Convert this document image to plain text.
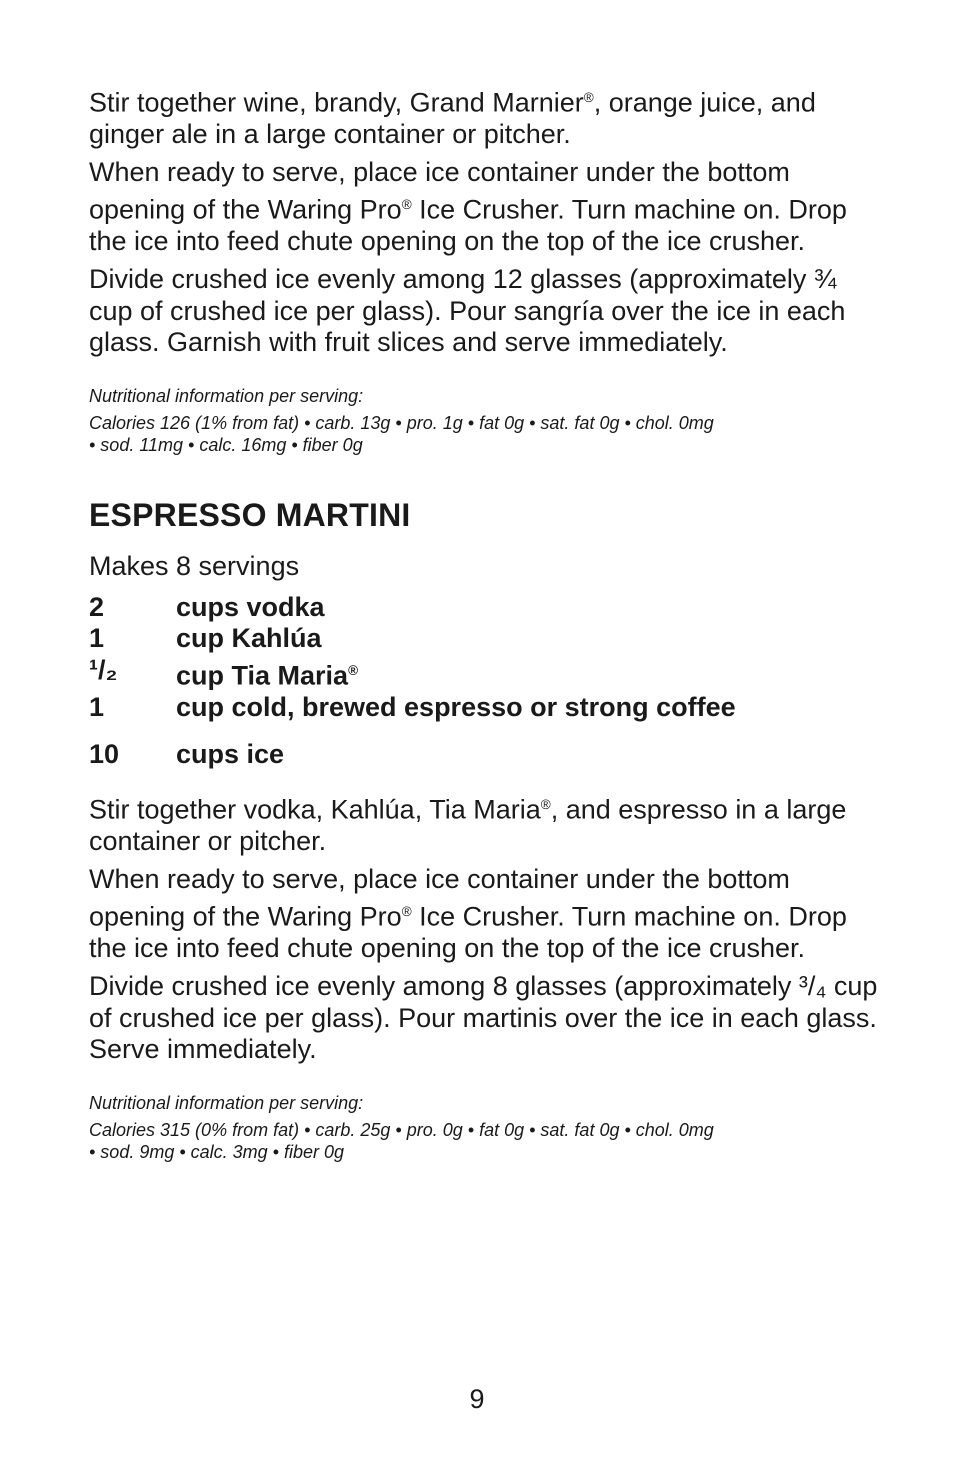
Stir together wine, brandy, Grand Marnier®, orange juice, and ginger ale in a large container or pitcher.

When ready to serve, place ice container under the bottom opening of the Waring Pro® Ice Crusher. Turn machine on. Drop the ice into feed chute opening on the top of the ice crusher.

Divide crushed ice evenly among 12 glasses (approximately ¾ cup of crushed ice per glass). Pour sangría over the ice in each glass. Garnish with fruit slices and serve immediately.

Nutritional information per serving:

Calories 126 (1% from fat) • carb. 13g • pro. 1g • fat 0g • sat. fat 0g • chol. 0mg

• sod. 11mg • calc. 16mg • fiber 0g

ESPRESSO MARTINI

Makes 8 servings

2	cups vodka
1	cup Kahlúa
¹/₂	cup Tia Maria®
1	cup cold, brewed espresso or strong coffee
10	cups ice

Stir together vodka, Kahlúa, Tia Maria®, and espresso in a large container or pitcher.

When ready to serve, place ice container under the bottom opening of the Waring Pro® Ice Crusher. Turn machine on. Drop the ice into feed chute opening on the top of the ice crusher.

Divide crushed ice evenly among 8 glasses (approximately ³/₄ cup of crushed ice per glass). Pour martinis over the ice in each glass. Serve immediately.

Nutritional information per serving:

Calories 315 (0% from fat) • carb. 25g • pro. 0g • fat 0g • sat. fat 0g • chol. 0mg

• sod. 9mg • calc. 3mg • fiber 0g

9
